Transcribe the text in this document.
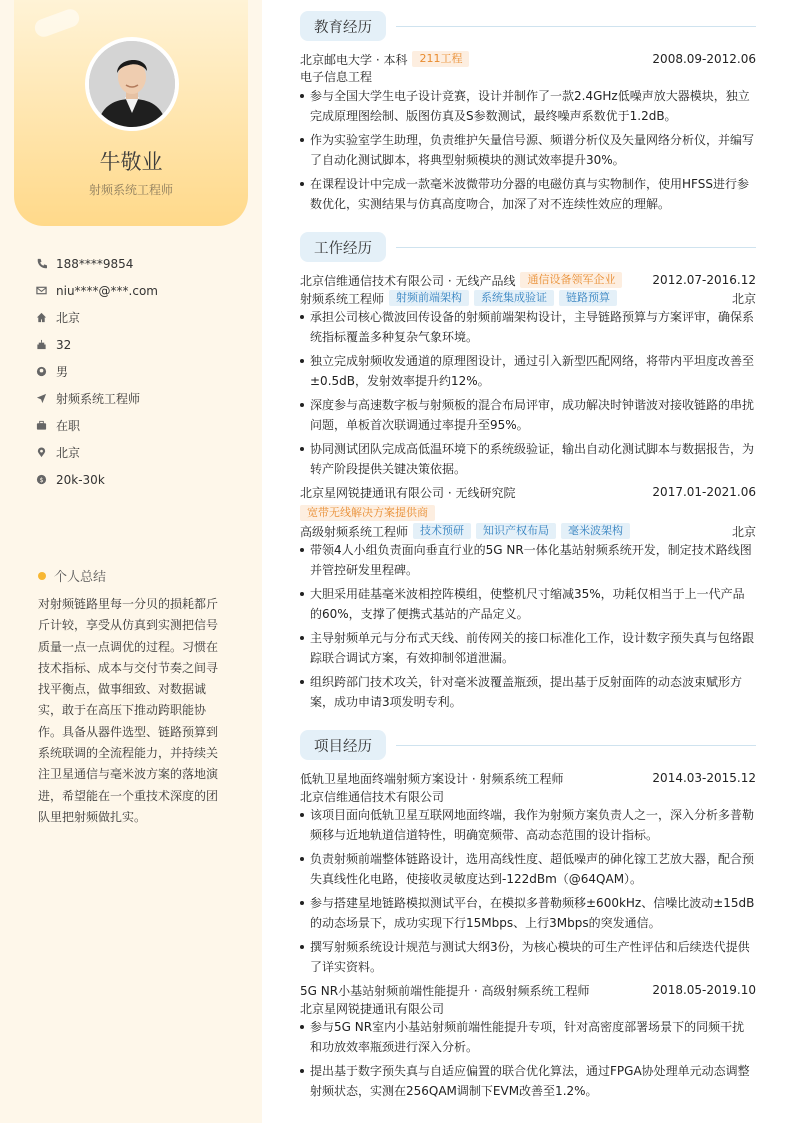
牛敬业
射频系统工程师
188****9854
niu****@***.com
北京
32
男
射频系统工程师
在职
北京
$ 20k-30k
个人总结
对射频链路里每一分贝的损耗都斤斤计较，享受从仿真到实测把信号质量一点一点调优的过程。习惯在技术指标、成本与交付节奏之间寻找平衡点，做事细致、对数据诚实，敢于在高压下推动跨职能协作。具备从器件选型、链路预算到系统联调的全流程能力，并持续关注卫星通信与毫米波方案的落地演进，希望能在一个重技术深度的团队里把射频做扎实。
教育经历
北京邮电大学 · 本科	211工程	2008.09-2012.06
电子信息工程
参与全国大学生电子设计竞赛，设计并制作了一款2.4GHz低噪声放大器模块，独立完成原理图绘制、版图仿真及S参数测试，最终噪声系数优于1.2dB。
作为实验室学生助理，负责维护矢量信号源、频谱分析仪及矢量网络分析仪，并编写了自动化测试脚本，将典型射频模块的测试效率提升30%。
在课程设计中完成一款毫米波微带功分器的电磁仿真与实物制作，使用HFSS进行参数优化，实测结果与仿真高度吻合，加深了对不连续性效应的理解。
工作经历
北京信维通信技术有限公司 · 无线产品线	通信设备领军企业	2012.07-2016.12
射频系统工程师	射频前端架构	系统集成验证	链路预算	北京
承担公司核心微波回传设备的射频前端架构设计，主导链路预算与方案评审，确保系统指标覆盖多种复杂气象环境。
独立完成射频收发通道的原理图设计，通过引入新型匹配网络，将带内平坦度改善至±0.5dB，发射效率提升约12%。
深度参与高速数字板与射频板的混合布局评审，成功解决时钟谐波对接收链路的串扰问题，单板首次联调通过率提升至95%。
协同测试团队完成高低温环境下的系统级验证，输出自动化测试脚本与数据报告，为转产阶段提供关键决策依据。
北京星网锐捷通讯有限公司 · 无线研究院	2017.01-2021.06
宽带无线解决方案提供商
高级射频系统工程师	技术预研	知识产权布局	毫米波架构	北京
带领4人小组负责面向垂直行业的5G NR一体化基站射频系统开发，制定技术路线图并管控研发里程碑。
大胆采用硅基毫米波相控阵模组，使整机尺寸缩减35%，功耗仅相当于上一代产品的60%，支撑了便携式基站的产品定义。
主导射频单元与分布式天线、前传网关的接口标准化工作，设计数字预失真与包络跟踪联合调试方案，有效抑制邻道泄漏。
组织跨部门技术攻关，针对毫米波覆盖瓶颈，提出基于反射面阵的动态波束赋形方案，成功申请3项发明专利。
项目经历
低轨卫星地面终端射频方案设计 · 射频系统工程师	2014.03-2015.12
北京信维通信技术有限公司
该项目面向低轨卫星互联网地面终端，我作为射频方案负责人之一，深入分析多普勒频移与近地轨道信道特性，明确宽频带、高动态范围的设计指标。
负责射频前端整体链路设计，选用高线性度、超低噪声的砷化镓工艺放大器，配合预失真线性化电路，使接收灵敏度达到-122dBm（@64QAM）。
参与搭建星地链路模拟测试平台，在模拟多普勒频移±600kHz、信噪比波动±15dB的动态场景下，成功实现下行15Mbps、上行3Mbps的突发通信。
撰写射频系统设计规范与测试大纲3份，为核心模块的可生产性评估和后续迭代提供了详实资料。
5G NR小基站射频前端性能提升 · 高级射频系统工程师	2018.05-2019.10
北京星网锐捷通讯有限公司
参与5G NR室内小基站射频前端性能提升专项，针对高密度部署场景下的同频干扰和功放效率瓶颈进行深入分析。
提出基于数字预失真与自适应偏置的联合优化算法，通过FPGA协处理单元动态调整射频状态，实测在256QAM调制下EVM改善至1.2%。
